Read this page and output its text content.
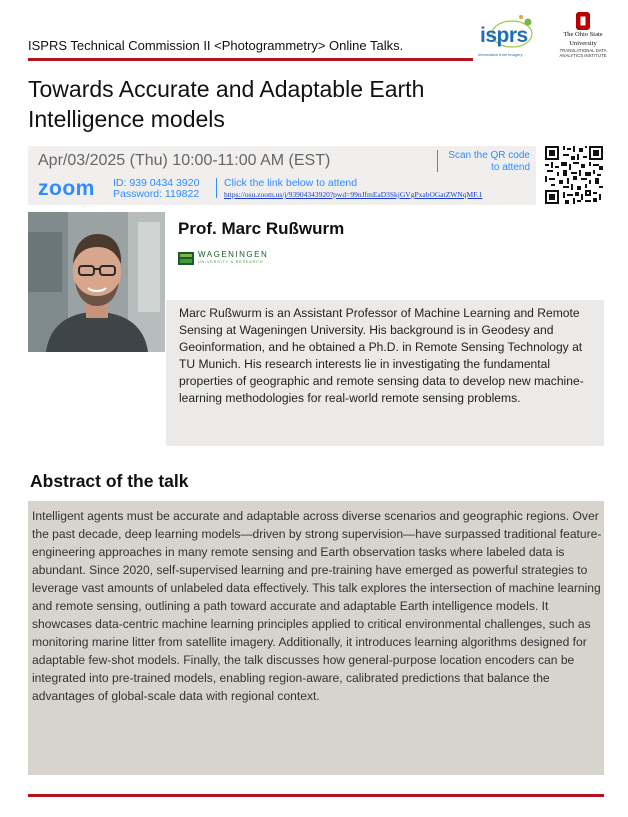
ISPRS Technical Commission II <Photogrammetry> Online Talks.	isprs
Information from imagery
The Ohio State
University
TRANSLATIONAL DATA
ANALYTICS INSTITUTE
Towards Accurate and Adaptable Earth Intelligence models
Apr/03/2025 (Thu) 10:00-11:00 AM (EST)
zoom ID: 939 0434 3920
Password: 119822
Click the link below to attend
https://osu.zoom.us/j/93904343920?pwd=99nJfmEaD3SkjGVgPxabOGatZWNqMF.1
Scan the QR code
to attend
Prof. Marc Rußwurm
WAGENINGEN
UNIVERSITY & RESEARCH

Marc Rußwurm is an Assistant Professor of Machine Learning and Remote Sensing at Wageningen University. His background is in Geodesy and Geoinformation, and he obtained a Ph.D. in Remote Sensing Technology at TU Munich. His research interests lie in investigating the fundamental properties of geographic and remote sensing data to develop new machine-learning methodologies for real-world remote sensing problems.

Abstract of the talk

Intelligent agents must be accurate and adaptable across diverse scenarios and geographic regions. Over the past decade, deep learning models—driven by strong supervision—have surpassed traditional feature-engineering approaches in many remote sensing and Earth observation tasks where labeled data is abundant. Since 2020, self-supervised learning and pre-training have emerged as powerful strategies to leverage vast amounts of unlabeled data effectively. This talk explores the intersection of machine learning and remote sensing, outlining a path toward accurate and adaptable Earth intelligence models. It showcases data-centric machine learning principles applied to critical environmental challenges, such as monitoring marine litter from satellite imagery. Additionally, it introduces learning algorithms designed for adaptable few-shot models. Finally, the talk discusses how general-purpose location encoders can be integrated into pre-trained models, enabling region-aware, calibrated predictions that balance the advantages of global-scale data with regional context.
